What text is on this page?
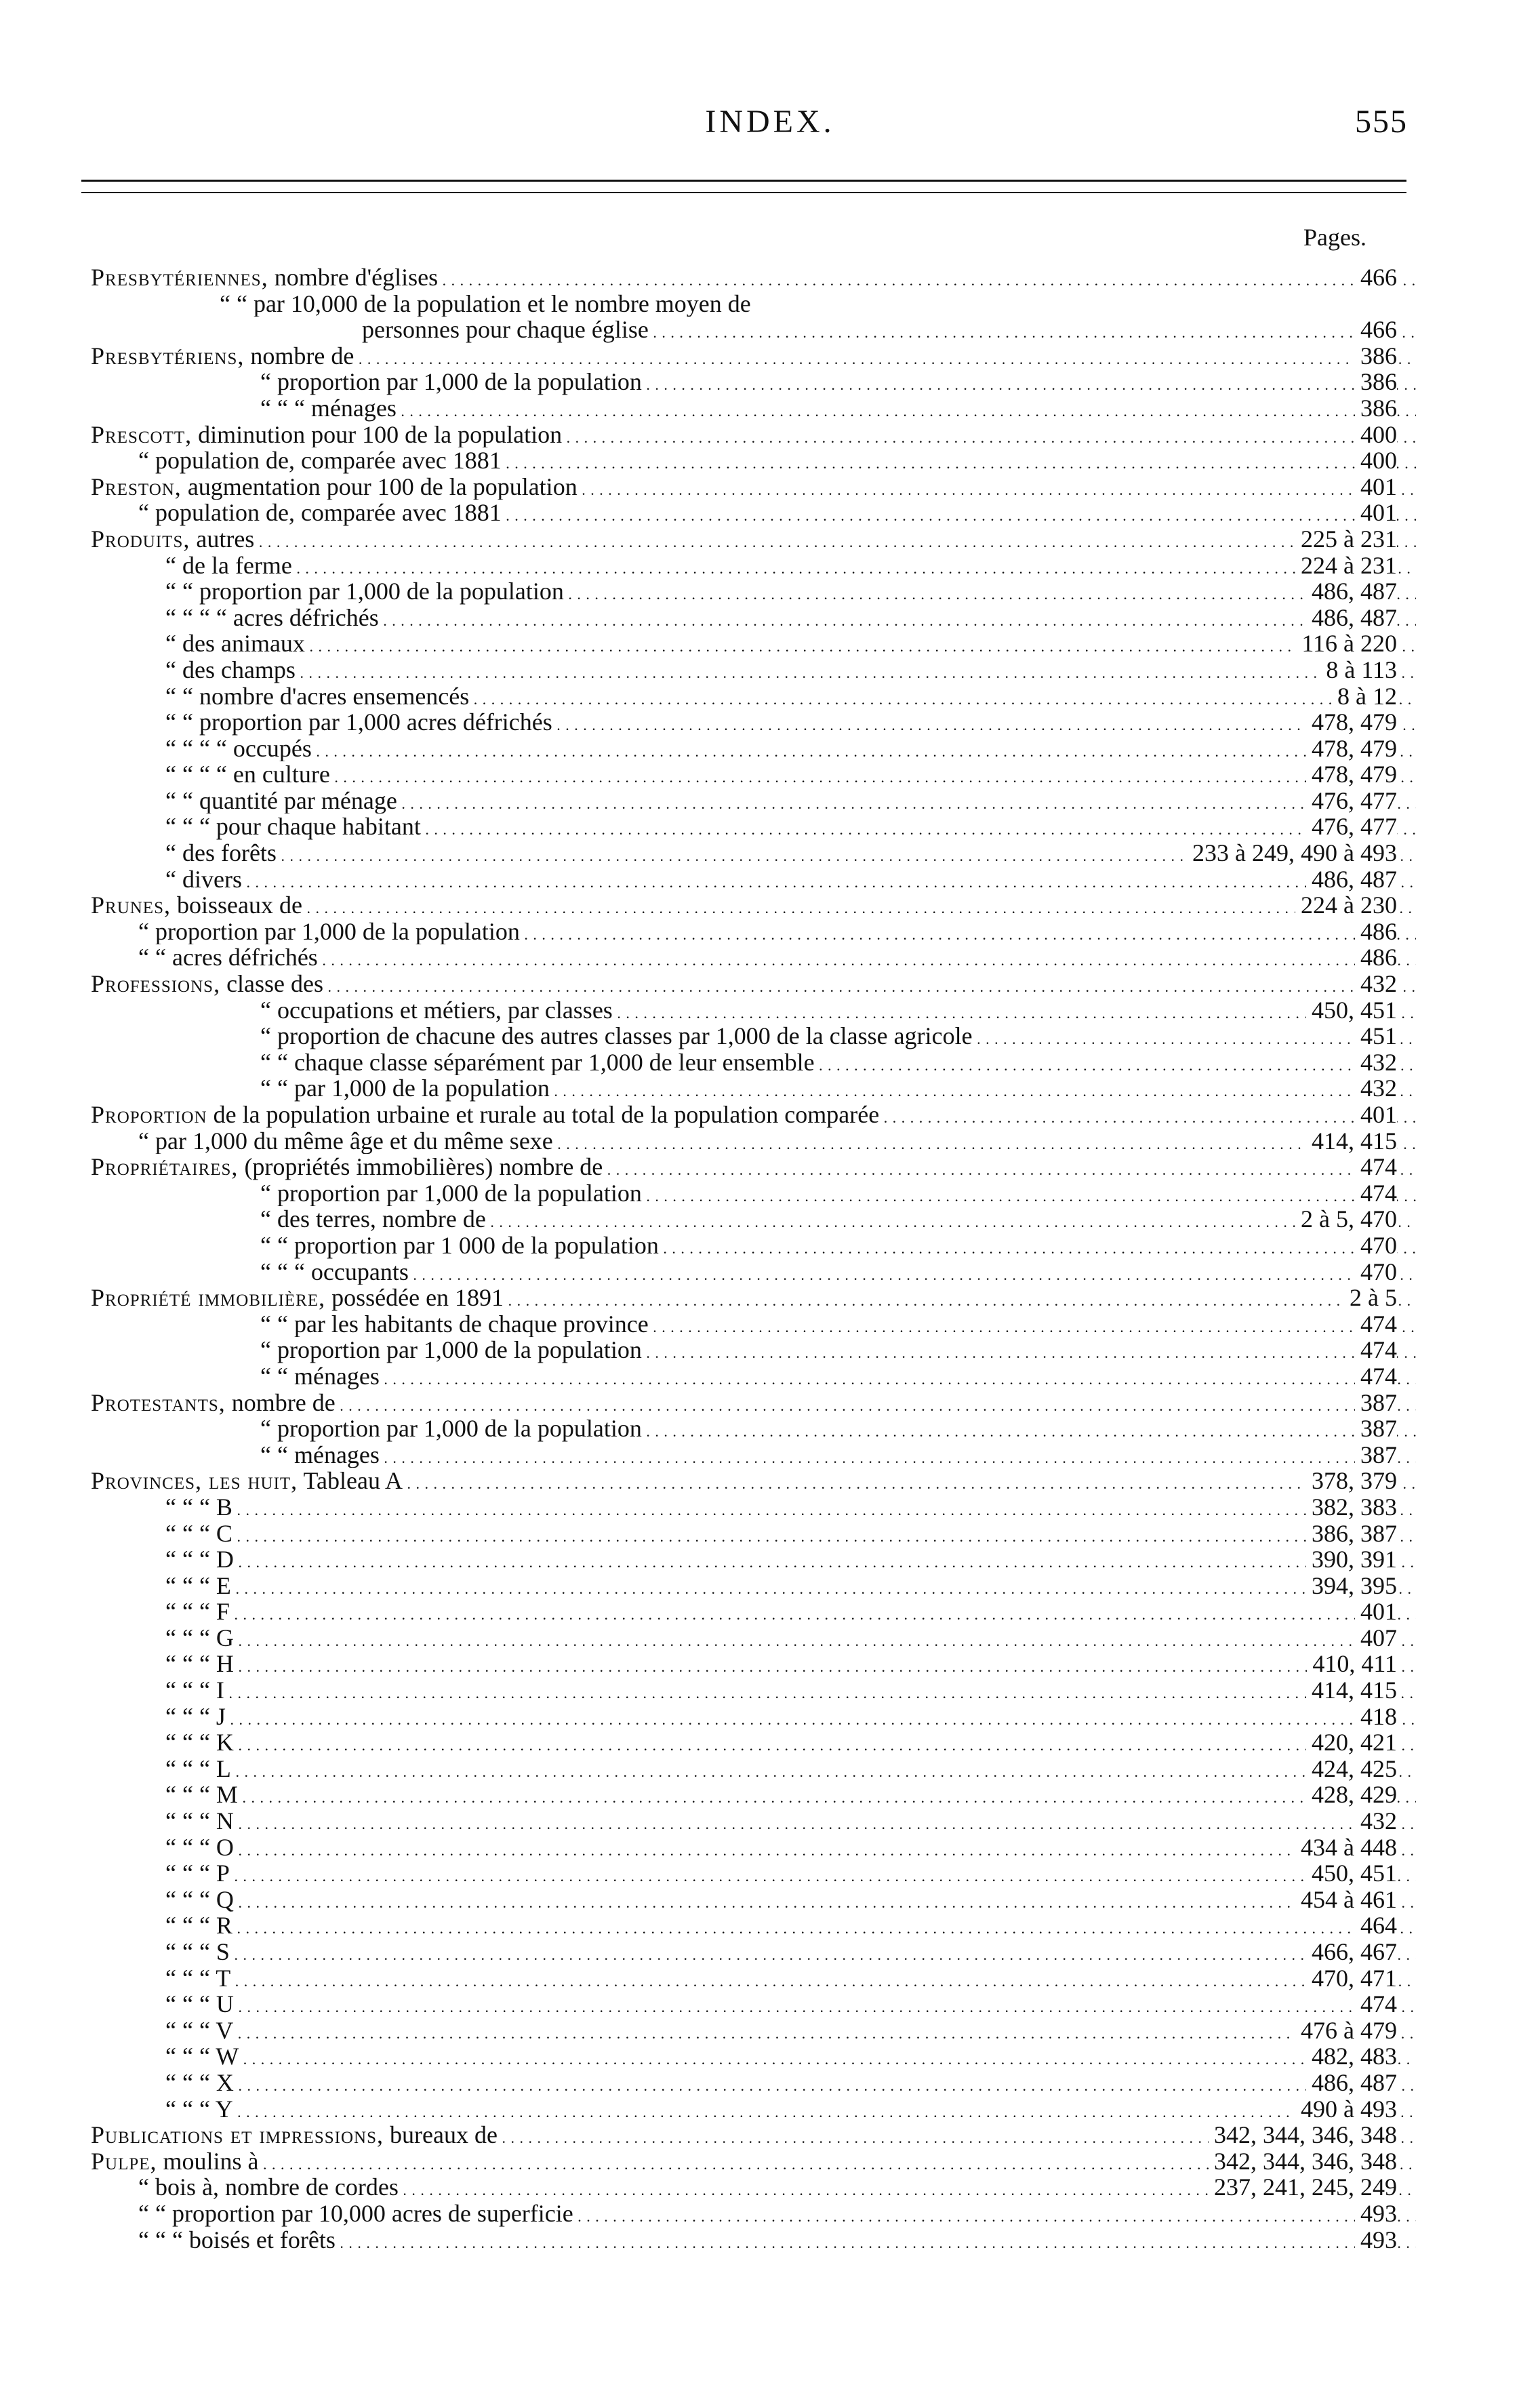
INDEX.	555
Pages.
Presbytériennes, nombre d'églises . . .	466
“ “ par 10,000 de la population et le nombre moyen de
personnes pour chaque église . . .	466
Presbytériens, nombre de . . .	386
“ proportion par 1,000 de la population . . .	386
“ “ “ ménages . . .	386
Prescott, diminution pour 100 de la population . . .	400
“ population de, comparée avec 1881 . . .	400
Preston, augmentation pour 100 de la population . . .	401
“ population de, comparée avec 1881 . . .	401
Produits, autres . . .	225 à 231
“ de la ferme . . .	224 à 231
“ “ proportion par 1,000 de la population . . .	486, 487
“ “ “ “ acres défrichés . . .	486, 487
“ des animaux . . .	116 à 220
“ des champs . . .	8 à 113
“ “ nombre d'acres ensemencés . . .	8 à 12
“ “ proportion par 1,000 acres défrichés . . .	478, 479
“ “ “ “ occupés . . .	478, 479
“ “ “ “ en culture . . .	478, 479
“ “ quantité par ménage . . .	476, 477
“ “ “ pour chaque habitant . . .	476, 477
“ des forêts . . .	233 à 249, 490 à 493
“ divers . . .	486, 487
Prunes, boisseaux de . . .	224 à 230
“ proportion par 1,000 de la population . . .	486
“ “ acres défrichés . . .	486
Professions, classe des . . .	432
“ occupations et métiers, par classes . . .	450, 451
“ proportion de chacune des autres classes par 1,000 de la classe agricole . . .	451
“ “ chaque classe séparément par 1,000 de leur ensemble . . .	432
“ “ par 1,000 de la population . . .	432
Proportion de la population urbaine et rurale au total de la population comparée . . .	401
“ par 1,000 du même âge et du même sexe . . .	414, 415
Propriétaires, (propriétés immobilières) nombre de . . .	474
“ proportion par 1,000 de la population . . .	474
“ des terres, nombre de . . .	2 à 5, 470
“ “ proportion par 1 000 de la population . . .	470
“ “ “ occupants . . .	470
Propriété immobilière, possédée en 1891 . . .	2 à 5
“ “ par les habitants de chaque province . . .	474
“ proportion par 1,000 de la population . . .	474
“ “ ménages . . .	474
Protestants, nombre de . . .	387
“ proportion par 1,000 de la population . . .	387
“ “ ménages . . .	387
Provinces, les huit, Tableau A . . .	378, 379
“ “ “ B . . .	382, 383
“ “ “ C . . .	386, 387
“ “ “ D . . .	390, 391
“ “ “ E . . .	394, 395
“ “ “ F . . .	401
“ “ “ G . . .	407
“ “ “ H . . .	410, 411
“ “ “ I . . .	414, 415
“ “ “ J . . .	418
“ “ “ K . . .	420, 421
“ “ “ L . . .	424, 425
“ “ “ M . . .	428, 429
“ “ “ N . . .	432
“ “ “ O . . .	434 à 448
“ “ “ P . . .	450, 451
“ “ “ Q . . .	454 à 461
“ “ “ R . . .	464
“ “ “ S . . .	466, 467
“ “ “ T . . .	470, 471
“ “ “ U . . .	474
“ “ “ V . . .	476 à 479
“ “ “ W . . .	482, 483
“ “ “ X . . .	486, 487
“ “ “ Y . . .	490 à 493
Publications et impressions, bureaux de . . .	342, 344, 346, 348
Pulpe, moulins à . . .	342, 344, 346, 348
“ bois à, nombre de cordes . . .	237, 241, 245, 249
“ “ proportion par 10,000 acres de superficie . . .	493
“ “ “ boisés et forêts . . .	493
